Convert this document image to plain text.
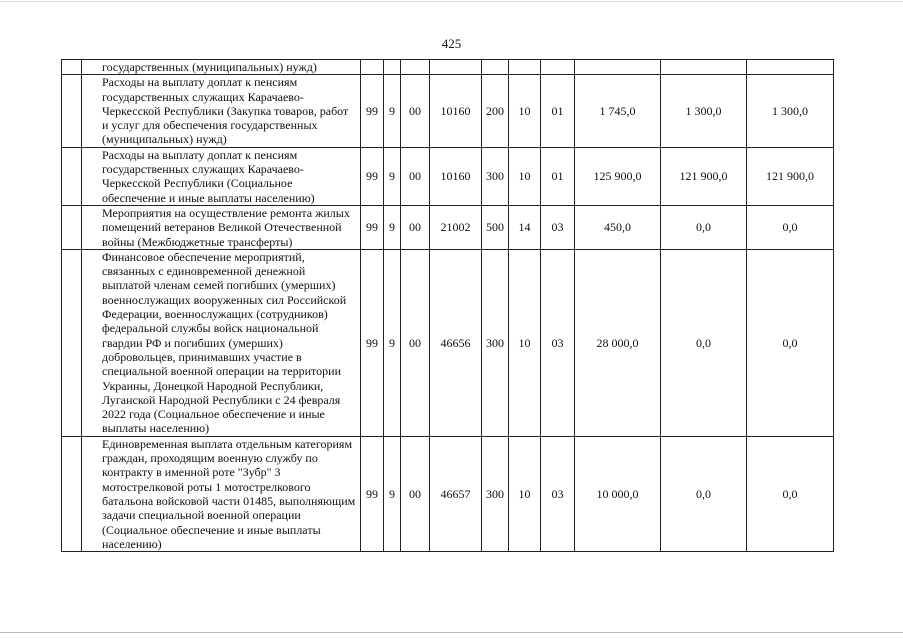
425
	государственных (муниципальных) нужд)										
	Расходы на выплату доплат к пенсиям государственных служащих Карачаево-Черкесской Республики (Закупка товаров, работ и услуг для обеспечения государственных (муниципальных) нужд)	99	9	00	10160	200	10	01	1 745,0	1 300,0	1 300,0
	Расходы на выплату доплат к пенсиям государственных служащих Карачаево-Черкесской Республики (Социальное обеспечение и иные выплаты населению)	99	9	00	10160	300	10	01	125 900,0	121 900,0	121 900,0
	Мероприятия на осуществление ремонта жилых помещений ветеранов Великой Отечественной войны (Межбюджетные трансферты)	99	9	00	21002	500	14	03	450,0	0,0	0,0
	Финансовое обеспечение мероприятий, связанных с единовременной денежной выплатой членам семей погибших (умерших) военнослужащих вооруженных сил Российской Федерации, военнослужащих (сотрудников) федеральной службы войск национальной гвардии РФ и погибших (умерших) добровольцев, принимавших участие в специальной военной операции на территории Украины, Донецкой Народной Республики, Луганской Народной Республики с 24 февраля 2022 года (Социальное обеспечение и иные выплаты населению)	99	9	00	46656	300	10	03	28 000,0	0,0	0,0
	Единовременная выплата отдельным категориям граждан, проходящим военную службу по контракту в именной роте "Зубр" 3 мотострелковой роты 1 мотострелкового батальона войсковой части 01485, выполняющим задачи специальной военной операции (Социальное обеспечение и иные выплаты населению)	99	9	00	46657	300	10	03	10 000,0	0,0	0,0
